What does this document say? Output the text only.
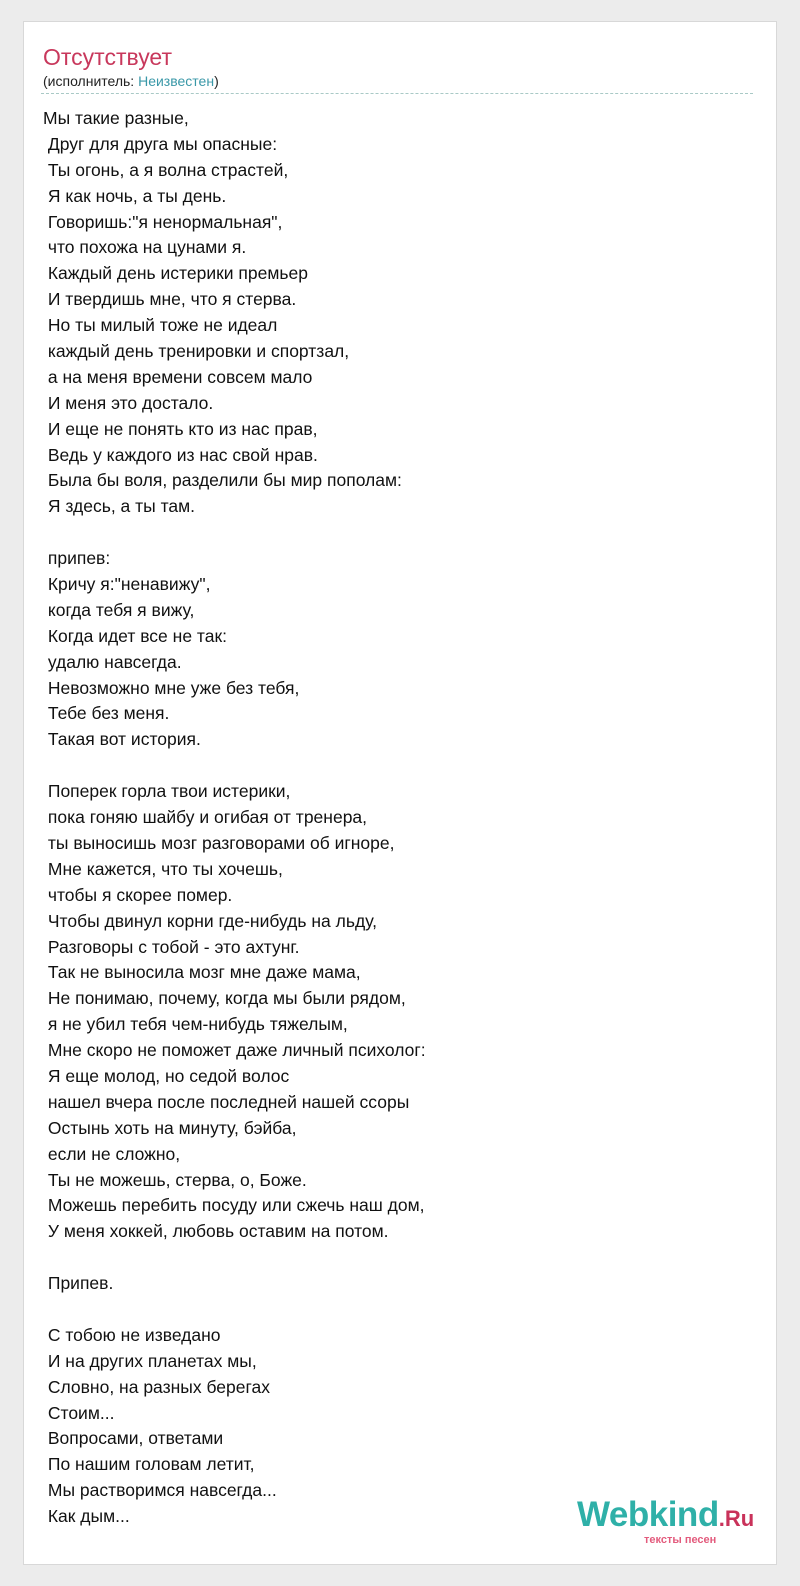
Отсутствует
(исполнитель: Неизвестен)
Мы такие разные,
Друг для друга мы опасные:
Ты огонь, а я волна страстей,
Я как ночь, а ты день.
Говоришь:"я ненормальная",
что похожа на цунами я.
Каждый день истерики премьер
И твердишь мне, что я стерва.
Но ты милый тоже не идеал
каждый день тренировки и спортзал,
а на меня времени совсем мало
И меня это достало.
И еще не понять кто из нас прав,
Ведь у каждого из нас свой нрав.
Была бы воля, разделили бы мир пополам:
Я здесь, а ты там.
припев:
Кричу я:"ненавижу",
когда тебя я вижу,
Когда идет все не так:
удалю навсегда.
Невозможно мне уже без тебя,
Тебе без меня.
Такая вот история.
Поперек горла твои истерики,
пока гоняю шайбу и огибая от тренера,
ты выносишь мозг разговорами об игноре,
Мне кажется, что ты хочешь,
чтобы я скорее помер.
Чтобы двинул корни где-нибудь на льду,
Разговоры с тобой - это ахтунг.
Так не выносила мозг мне даже мама,
Не понимаю, почему, когда мы были рядом,
я не убил тебя чем-нибудь тяжелым,
Мне скоро не поможет даже личный психолог:
Я еще молод, но седой волос
нашел вчера после последней нашей ссоры
Остынь хоть на минуту, бэйба,
если не сложно,
Ты не можешь, стерва, о, Боже.
Можешь перебить посуду или сжечь наш дом,
У меня хоккей, любовь оставим на потом.
Припев.
С тобою не изведано
И на других планетах мы,
Словно, на разных берегах
Стоим...
Вопросами, ответами
По нашим головам летит,
Мы растворимся навсегда...
Как дым...	Webkind.Ru
тексты песен
